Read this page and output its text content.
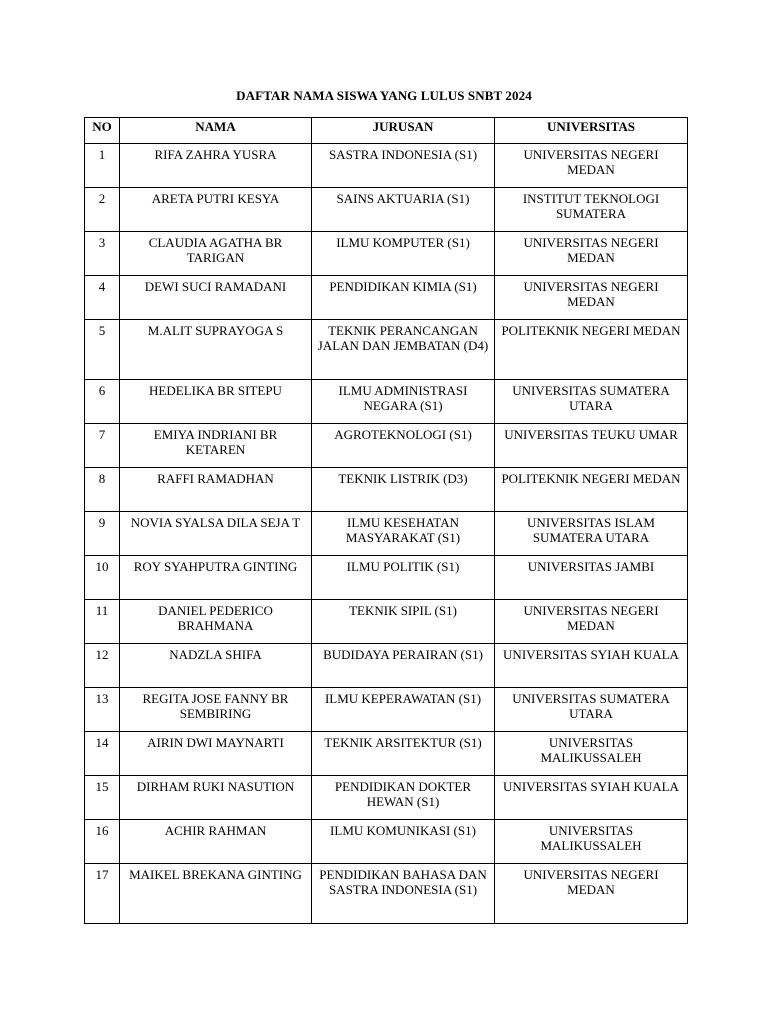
DAFTAR NAMA SISWA YANG LULUS SNBT 2024
NO	NAMA	JURUSAN	UNIVERSITAS
1	RIFA ZAHRA YUSRA	SASTRA INDONESIA (S1)	UNIVERSITAS NEGERI MEDAN
2	ARETA PUTRI KESYA	SAINS AKTUARIA (S1)	INSTITUT TEKNOLOGI SUMATERA
3	CLAUDIA AGATHA BR TARIGAN	ILMU KOMPUTER (S1)	UNIVERSITAS NEGERI MEDAN
4	DEWI SUCI RAMADANI	PENDIDIKAN KIMIA (S1)	UNIVERSITAS NEGERI MEDAN
5	M.ALIT SUPRAYOGA S	TEKNIK PERANCANGAN JALAN DAN JEMBATAN (D4)	POLITEKNIK NEGERI MEDAN
6	HEDELIKA BR SITEPU	ILMU ADMINISTRASI NEGARA (S1)	UNIVERSITAS SUMATERA UTARA
7	EMIYA INDRIANI BR KETAREN	AGROTEKNOLOGI (S1)	UNIVERSITAS TEUKU UMAR
8	RAFFI RAMADHAN	TEKNIK LISTRIK (D3)	POLITEKNIK NEGERI MEDAN
9	NOVIA SYALSA DILA SEJA T	ILMU KESEHATAN MASYARAKAT (S1)	UNIVERSITAS ISLAM SUMATERA UTARA
10	ROY SYAHPUTRA GINTING	ILMU POLITIK (S1)	UNIVERSITAS JAMBI
11	DANIEL PEDERICO BRAHMANA	TEKNIK SIPIL (S1)	UNIVERSITAS NEGERI MEDAN
12	NADZLA SHIFA	BUDIDAYA PERAIRAN (S1)	UNIVERSITAS SYIAH KUALA
13	REGITA JOSE FANNY BR SEMBIRING	ILMU KEPERAWATAN (S1)	UNIVERSITAS SUMATERA UTARA
14	AIRIN DWI MAYNARTI	TEKNIK ARSITEKTUR (S1)	UNIVERSITAS MALIKUSSALEH
15	DIRHAM RUKI NASUTION	PENDIDIKAN DOKTER HEWAN (S1)	UNIVERSITAS SYIAH KUALA
16	ACHIR RAHMAN	ILMU KOMUNIKASI (S1)	UNIVERSITAS MALIKUSSALEH
17	MAIKEL BREKANA GINTING	PENDIDIKAN BAHASA DAN SASTRA INDONESIA (S1)	UNIVERSITAS NEGERI MEDAN
